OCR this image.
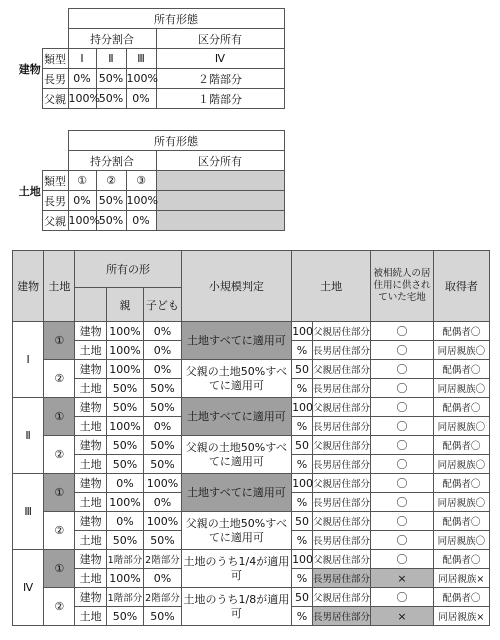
		所有形態			
建物		持分割合			区分所有
	類型	Ⅰ	Ⅱ	Ⅲ	Ⅳ
	長男	0%	50%	100%	２階部分
	父親	100%	50%	0%	１階部分
		所有形態			
土地		持分割合			区分所有
	類型	①	②	③	
	長男	0%	50%	100%	
	父親	100%	50%	0%	
建物	土地	所有の形			小規模判定	土地		被相続人の居住用に供されていた宅地	取得者
			親	子ども					
Ⅰ	①	建物	100%	0%	土地すべてに適用可	100	父親居住部分	〇	配偶者〇
		土地	100%	0%		%	長男居住部分	〇	同居親族〇
	②	建物	100%	0%	父親の土地50%すべてに適用可	50	父親居住部分	〇	配偶者〇
		土地	50%	50%		%	長男居住部分	〇	同居親族〇
Ⅱ	①	建物	50%	50%	土地すべてに適用可	100	父親居住部分	〇	配偶者〇
		土地	100%	0%		%	長男居住部分	〇	同居親族〇
	②	建物	50%	50%	父親の土地50%すべてに適用可	50	父親居住部分	〇	配偶者〇
		土地	50%	50%		%	長男居住部分	〇	同居親族〇
Ⅲ	①	建物	0%	100%	土地すべてに適用可	100	父親居住部分	〇	配偶者〇
		土地	100%	0%		%	長男居住部分	〇	同居親族〇
	②	建物	0%	100%	父親の土地50%すべてに適用可	50	父親居住部分	〇	配偶者〇
		土地	50%	50%		%	長男居住部分	〇	同居親族〇
Ⅳ	①	建物	1階部分	2階部分	土地のうち1/4が適用可	100	父親居住部分	〇	配偶者〇
		土地	100%	0%		%	長男居住部分	×	同居親族×
	②	建物	1階部分	2階部分	土地のうち1/8が適用可	50	父親居住部分	〇	配偶者〇
		土地	50%	50%		%	長男居住部分	×	同居親族×
